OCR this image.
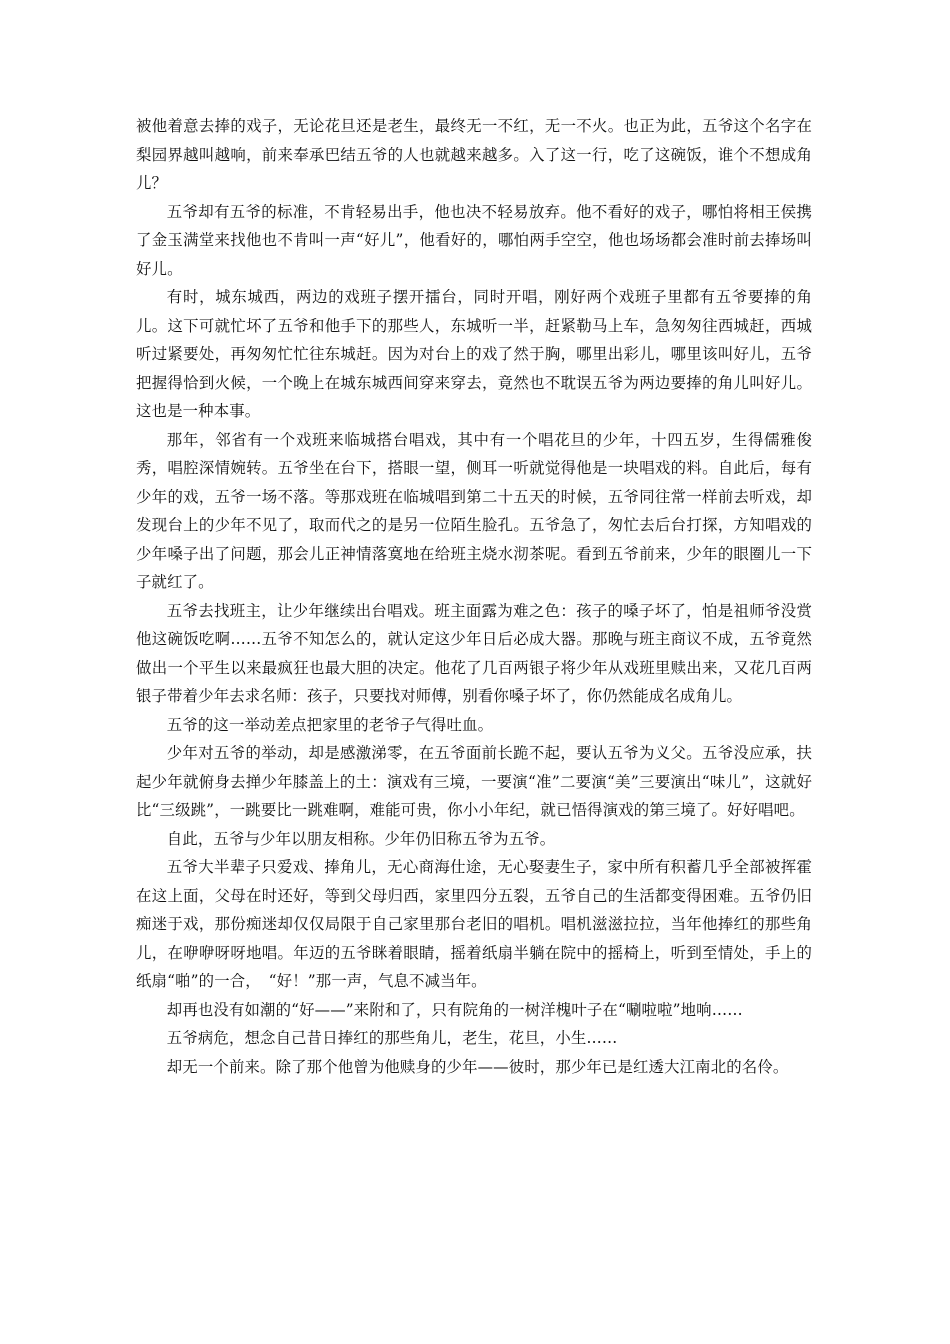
被他着意去捧的戏子，无论花旦还是老生，最终无一不红，无一不火。也正为此，五爷这个名字在梨园界越叫越响，前来奉承巴结五爷的人也就越来越多。入了这一行，吃了这碗饭，谁个不想成角儿？

五爷却有五爷的标准，不肯轻易出手，他也决不轻易放弃。他不看好的戏子，哪怕将相王侯携了金玉满堂来找他也不肯叫一声“好儿”，他看好的，哪怕两手空空，他也场场都会准时前去捧场叫好儿。

有时，城东城西，两边的戏班子摆开擂台，同时开唱，刚好两个戏班子里都有五爷要捧的角儿。这下可就忙坏了五爷和他手下的那些人，东城听一半，赶紧勒马上车，急匆匆往西城赶，西城听过紧要处，再匆匆忙忙往东城赶。因为对台上的戏了然于胸，哪里出彩儿，哪里该叫好儿，五爷把握得恰到火候，一个晚上在城东城西间穿来穿去，竟然也不耽误五爷为两边要捧的角儿叫好儿。这也是一种本事。

那年，邻省有一个戏班来临城搭台唱戏，其中有一个唱花旦的少年，十四五岁，生得儒雅俊秀，唱腔深情婉转。五爷坐在台下，搭眼一望，侧耳一听就觉得他是一块唱戏的料。自此后，每有少年的戏，五爷一场不落。等那戏班在临城唱到第二十五天的时候，五爷同往常一样前去听戏，却发现台上的少年不见了，取而代之的是另一位陌生脸孔。五爷急了，匆忙去后台打探，方知唱戏的少年嗓子出了问题，那会儿正神情落寞地在给班主烧水沏茶呢。看到五爷前来，少年的眼圈儿一下子就红了。

五爷去找班主，让少年继续出台唱戏。班主面露为难之色：孩子的嗓子坏了，怕是祖师爷没赏他这碗饭吃啊……五爷不知怎么的，就认定这少年日后必成大器。那晚与班主商议不成，五爷竟然做出一个平生以来最疯狂也最大胆的决定。他花了几百两银子将少年从戏班里赎出来，又花几百两银子带着少年去求名师：孩子，只要找对师傅，别看你嗓子坏了，你仍然能成名成角儿。

五爷的这一举动差点把家里的老爷子气得吐血。

少年对五爷的举动，却是感激涕零，在五爷面前长跪不起，要认五爷为义父。五爷没应承，扶起少年就俯身去掸少年膝盖上的土：演戏有三境，一要演“准”二要演“美”三要演出“味儿”，这就好比“三级跳”，一跳要比一跳难啊，难能可贵，你小小年纪，就已悟得演戏的第三境了。好好唱吧。

自此，五爷与少年以朋友相称。少年仍旧称五爷为五爷。

五爷大半辈子只爱戏、捧角儿，无心商海仕途，无心娶妻生子，家中所有积蓄几乎全部被挥霍在这上面，父母在时还好，等到父母归西，家里四分五裂，五爷自己的生活都变得困难。五爷仍旧痴迷于戏，那份痴迷却仅仅局限于自己家里那台老旧的唱机。唱机滋滋拉拉，当年他捧红的那些角儿，在咿咿呀呀地唱。年迈的五爷眯着眼睛，摇着纸扇半躺在院中的摇椅上，听到至情处，手上的纸扇“啪”的一合，　“好！”那一声，气息不减当年。

却再也没有如潮的“好——”来附和了，只有院角的一树洋槐叶子在“唰啦啦”地响……

五爷病危，想念自己昔日捧红的那些角儿，老生，花旦，小生……

却无一个前来。除了那个他曾为他赎身的少年——彼时，那少年已是红透大江南北的名伶。
